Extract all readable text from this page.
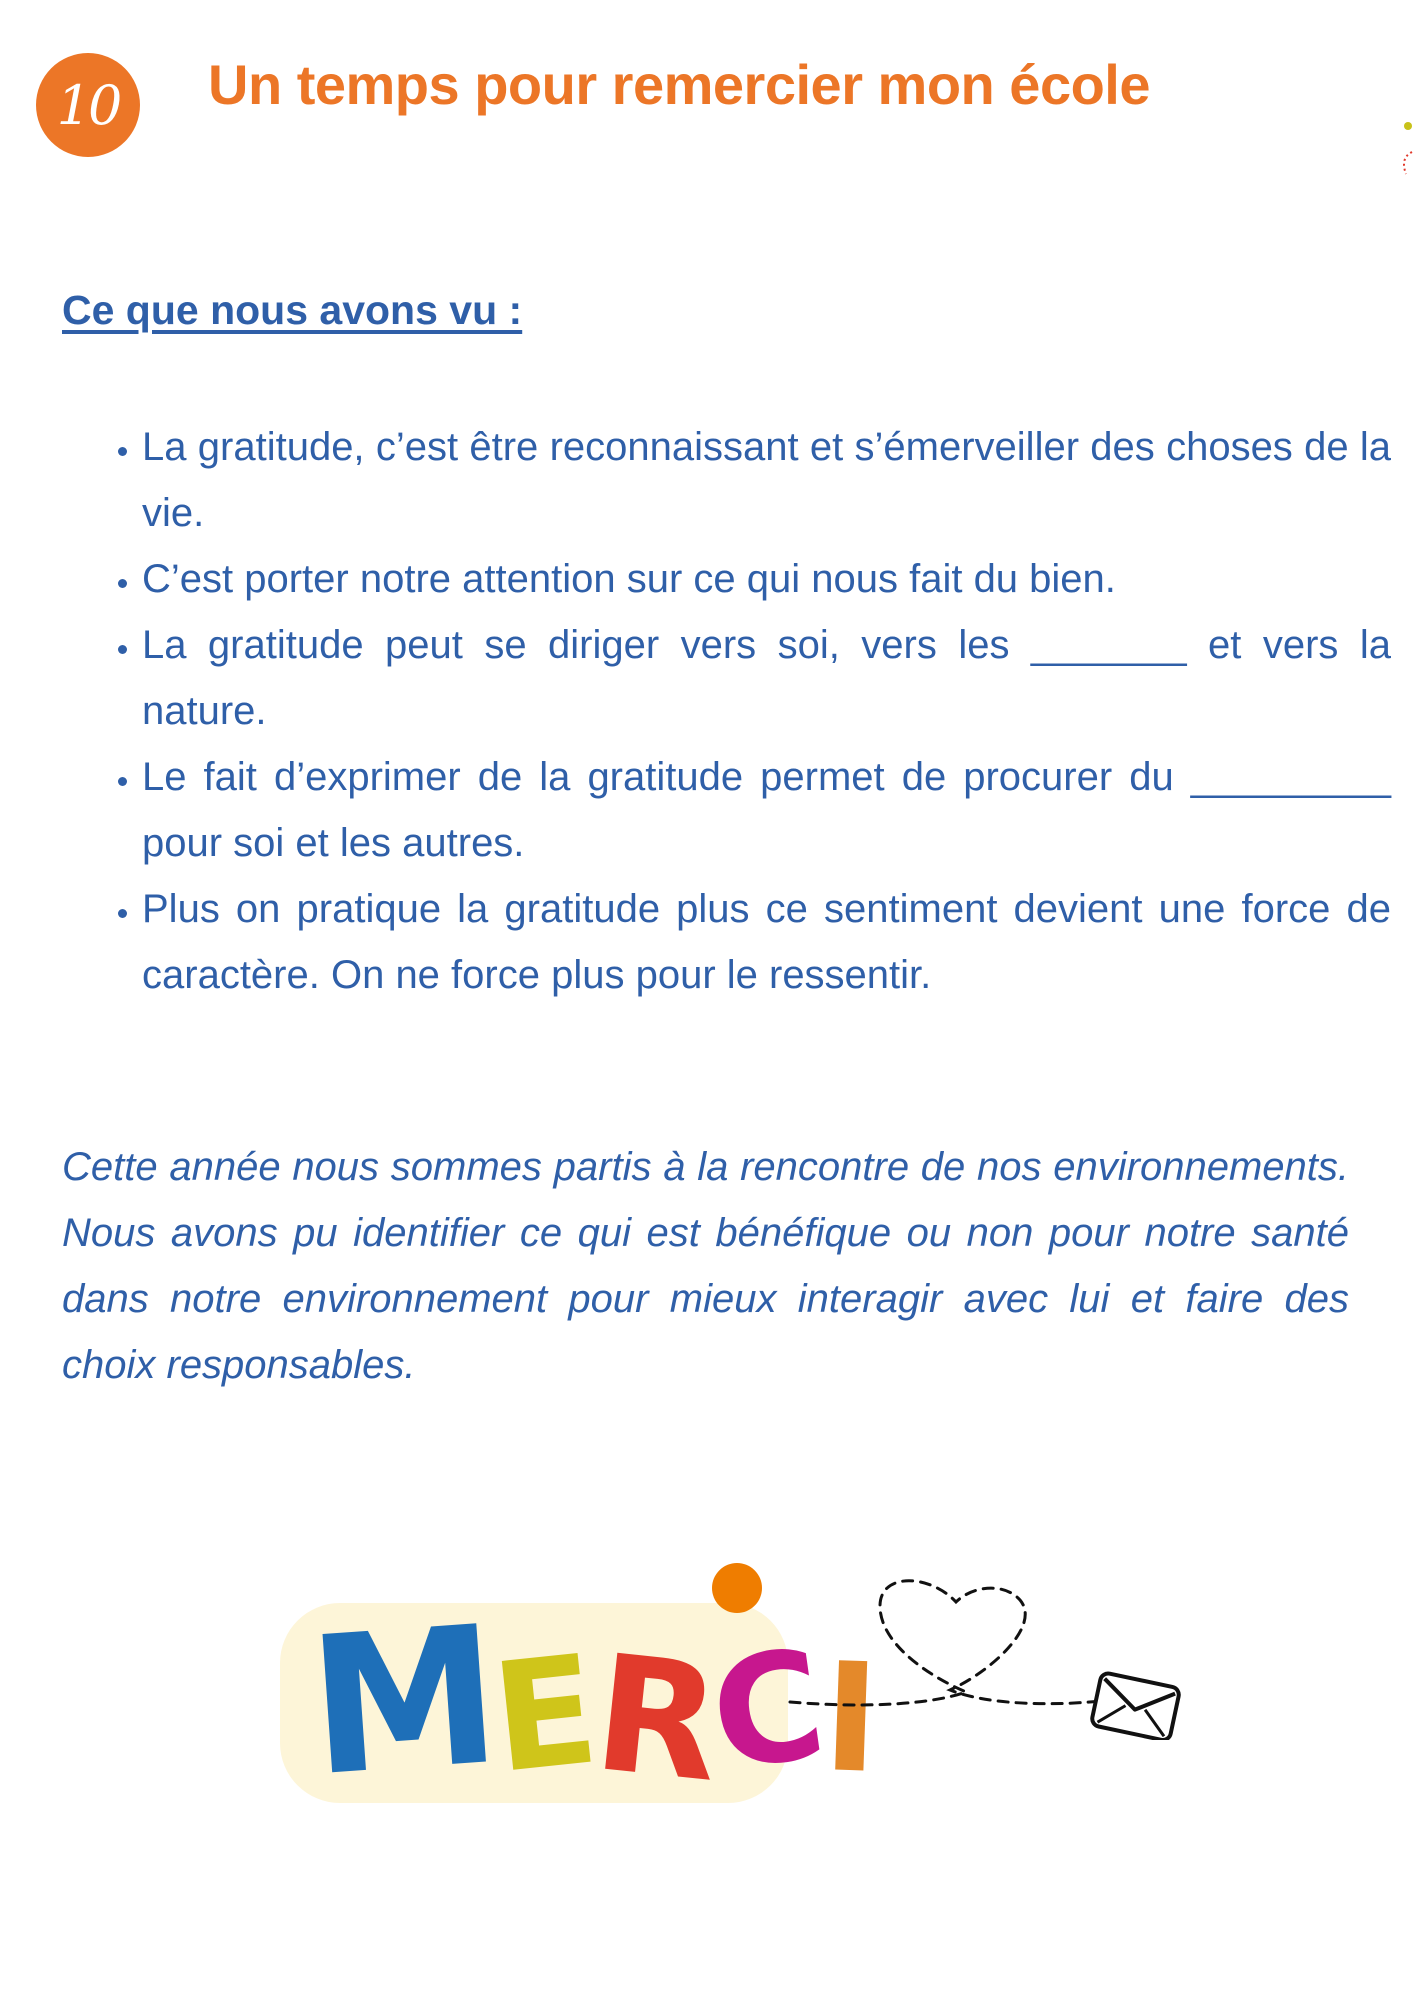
10	Un temps pour remercier mon école
Ce que nous avons vu :
• La gratitude, c’est être reconnaissant et s’émerveiller des choses de la vie.
• C’est porter notre attention sur ce qui nous fait du bien.
• La gratitude peut se diriger vers soi, vers les _______ et vers la nature.
• Le fait d’exprimer de la gratitude permet de procurer du _________ pour soi et les autres.
• Plus on pratique la gratitude plus ce sentiment devient une force de caractère. On ne force plus pour le ressentir.

Cette année nous sommes partis à la rencontre de nos environnements. Nous avons pu identifier ce qui est bénéfique ou non pour notre santé dans notre environnement pour mieux interagir avec lui et faire des choix responsables.

M
E
R
C
I
